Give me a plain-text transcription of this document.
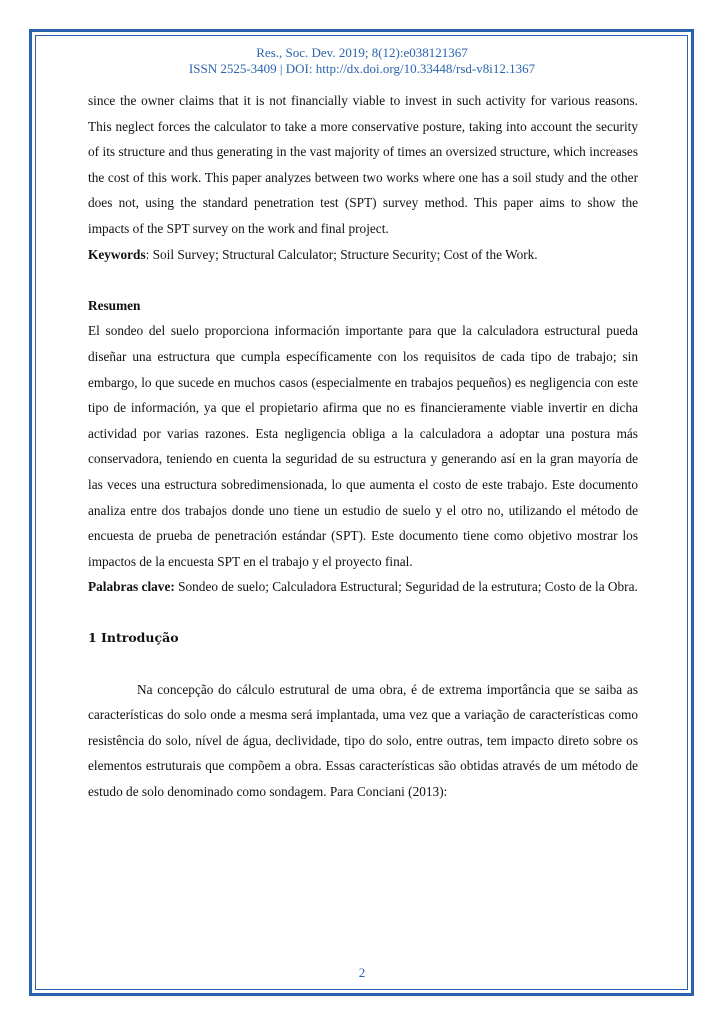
Res., Soc. Dev. 2019; 8(12):e038121367
ISSN 2525-3409 | DOI: http://dx.doi.org/10.33448/rsd-v8i12.1367

since the owner claims that it is not financially viable to invest in such activity for various reasons. This neglect forces the calculator to take a more conservative posture, taking into account the security of its structure and thus generating in the vast majority of times an oversized structure, which increases the cost of this work. This paper analyzes between two works where one has a soil study and the other does not, using the standard penetration test (SPT) survey method. This paper aims to show the impacts of the SPT survey on the work and final project.

Keywords: Soil Survey; Structural Calculator; Structure Security; Cost of the Work.

Resumen

El sondeo del suelo proporciona información importante para que la calculadora estructural pueda diseñar una estructura que cumpla específicamente con los requisitos de cada tipo de trabajo; sin embargo, lo que sucede en muchos casos (especialmente en trabajos pequeños) es negligencia con este tipo de información, ya que el propietario afirma que no es financieramente viable invertir en dicha actividad por varias razones. Esta negligencia obliga a la calculadora a adoptar una postura más conservadora, teniendo en cuenta la seguridad de su estructura y generando así en la gran mayoría de las veces una estructura sobredimensionada, lo que aumenta el costo de este trabajo. Este documento analiza entre dos trabajos donde uno tiene un estudio de suelo y el otro no, utilizando el método de encuesta de prueba de penetración estándar (SPT). Este documento tiene como objetivo mostrar los impactos de la encuesta SPT en el trabajo y el proyecto final.

Palabras clave: Sondeo de suelo; Calculadora Estructural; Seguridad de la estrutura; Costo de la Obra.

1 Introdução

Na concepção do cálculo estrutural de uma obra, é de extrema importância que se saiba as características do solo onde a mesma será implantada, uma vez que a variação de características como resistência do solo, nível de água, declividade, tipo do solo, entre outras, tem impacto direto sobre os elementos estruturais que compõem a obra. Essas características são obtidas através de um método de estudo de solo denominado como sondagem. Para Conciani (2013):

2
